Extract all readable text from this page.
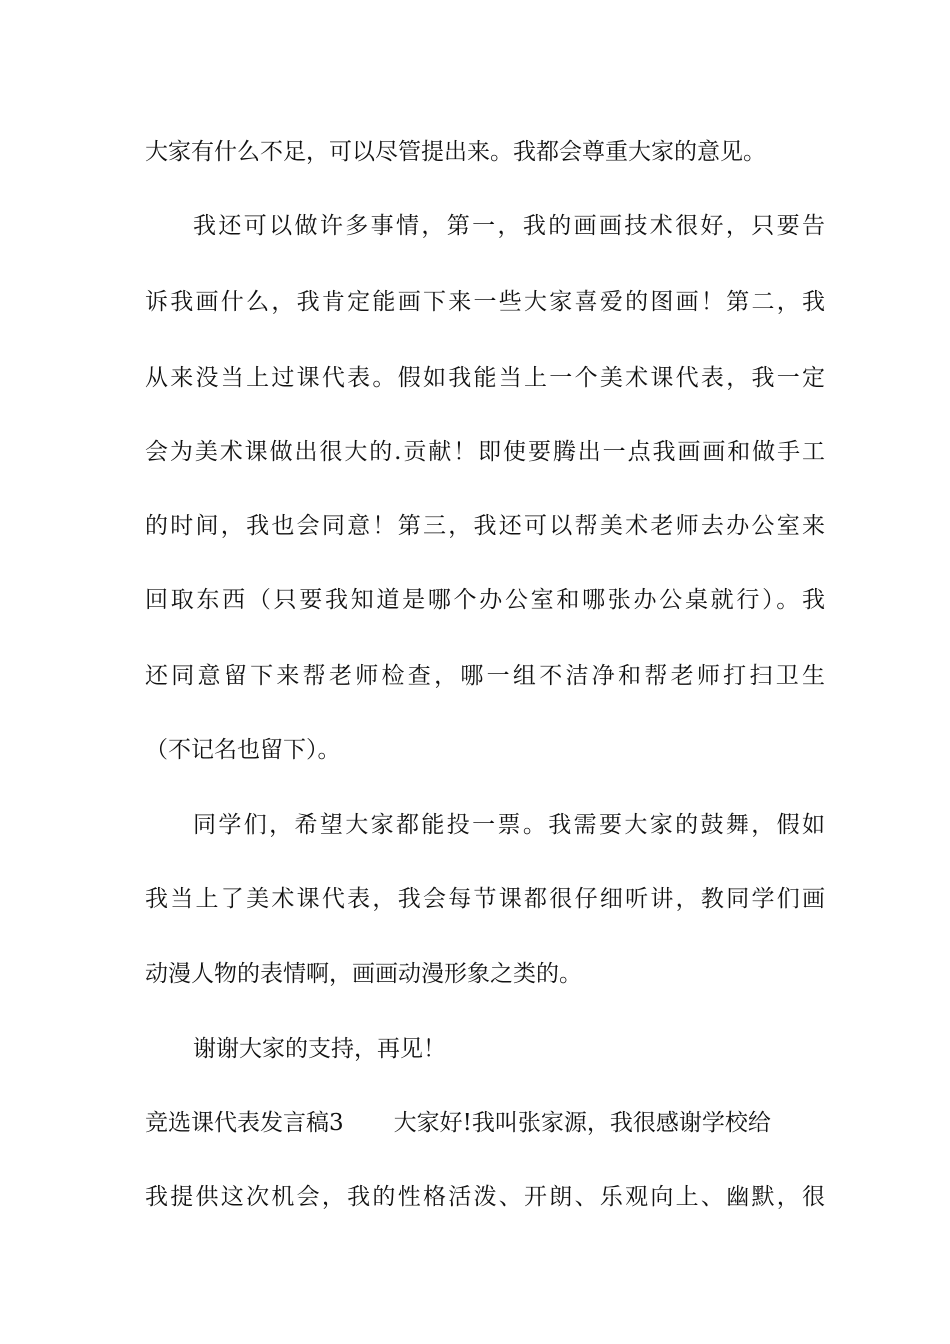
大家有什么不足，可以尽管提出来。我都会尊重大家的意见。
我还可以做许多事情，第一，我的画画技术很好，只要告
诉我画什么，我肯定能画下来一些大家喜爱的图画！第二，我
从来没当上过课代表。假如我能当上一个美术课代表，我一定
会为美术课做出很大的.贡献！即使要腾出一点我画画和做手工
的时间，我也会同意！第三，我还可以帮美术老师去办公室来
回取东西（只要我知道是哪个办公室和哪张办公桌就行）。我
还同意留下来帮老师检查，哪一组不洁净和帮老师打扫卫生
（不记名也留下）。
同学们，希望大家都能投一票。我需要大家的鼓舞，假如
我当上了美术课代表，我会每节课都很仔细听讲，教同学们画
动漫人物的表情啊，画画动漫形象之类的。
谢谢大家的支持，再见！
竞选课代表发言稿3 大家好!我叫张家源，我很感谢学校给
我提供这次机会，我的性格活泼、开朗、乐观向上、幽默，很
